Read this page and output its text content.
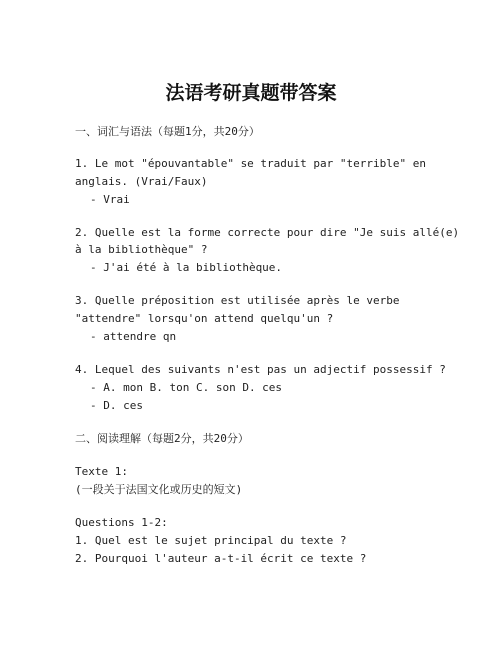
法语考研真题带答案
一、词汇与语法（每题1分，共20分）
1. Le mot "épouvantable" se traduit par "terrible" en
anglais. (Vrai/Faux)
- Vrai
2. Quelle est la forme correcte pour dire "Je suis allé(e)
à la bibliothèque" ?
- J'ai été à la bibliothèque.
3. Quelle préposition est utilisée après le verbe
"attendre" lorsqu'on attend quelqu'un ?
- attendre qn
4. Lequel des suivants n'est pas un adjectif possessif ?
- A. mon B. ton C. son D. ces
- D. ces
二、阅读理解（每题2分，共20分）
Texte 1:
(一段关于法国文化或历史的短文)
Questions 1-2:
1. Quel est le sujet principal du texte ?
2. Pourquoi l'auteur a-t-il écrit ce texte ?
